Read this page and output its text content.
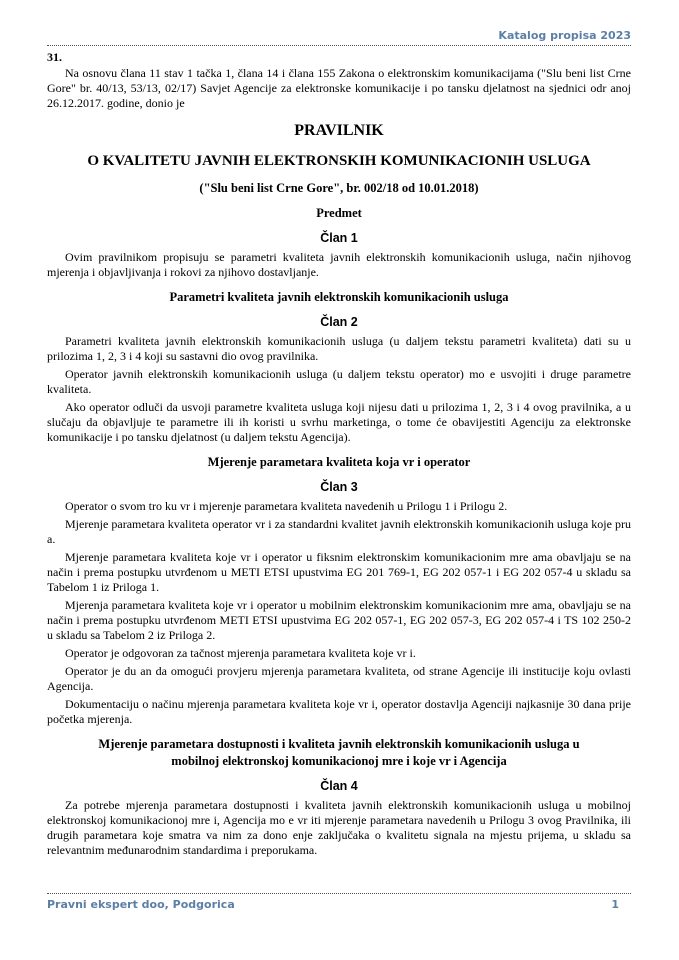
Katalog propisa 2023
31.

Na osnovu člana 11 stav 1 tačka 1, člana 14 i člana 155 Zakona o elektronskim komunikacijama ("Slu beni list Crne Gore" br. 40/13, 53/13, 02/17) Savjet Agencije za elektronske komunikacije i po tansku djelatnost na sjednici odr anoj 26.12.2017. godine, donio je

PRAVILNIK
O KVALITETU JAVNIH ELEKTRONSKIH KOMUNIKACIONIH USLUGA
("Slu beni list Crne Gore", br. 002/18 od 10.01.2018)
Predmet
Član 1

Ovim pravilnikom propisuju se parametri kvaliteta javnih elektronskih komunikacionih usluga, način njihovog mjerenja i objavljivanja i rokovi za njihovo dostavljanje.

Parametri kvaliteta javnih elektronskih komunikacionih usluga
Član 2

Parametri kvaliteta javnih elektronskih komunikacionih usluga (u daljem tekstu parametri kvaliteta) dati su u prilozima 1, 2, 3 i 4 koji su sastavni dio ovog pravilnika.

Operator javnih elektronskih komunikacionih usluga (u daljem tekstu operator) mo e usvojiti i druge parametre kvaliteta.

Ako operator odluči da usvoji parametre kvaliteta usluga koji nijesu dati u prilozima 1, 2, 3 i 4 ovog pravilnika, a u slučaju da objavljuje te parametre ili ih koristi u svrhu marketinga, o tome će obavijestiti Agenciju za elektronske komunikacije i po tansku djelatnost (u daljem tekstu Agencija).

Mjerenje parametara kvaliteta koja vr i operator
Član 3

Operator o svom tro ku vr i mjerenje parametara kvaliteta navedenih u Prilogu 1 i Prilogu 2.

Mjerenje parametara kvaliteta operator vr i za standardni kvalitet javnih elektronskih komunikacionih usluga koje pru a.

Mjerenje parametara kvaliteta koje vr i operator u fiksnim elektronskim komunikacionim mre ama obavljaju se na način i prema postupku utvrđenom u METI ETSI upustvima EG 201 769-1, EG 202 057-1 i EG 202 057-4 u skladu sa Tabelom 1 iz Priloga 1.

Mjerenja parametara kvaliteta koje vr i operator u mobilnim elektronskim komunikacionim mre ama, obavljaju se na način i prema postupku utvrđenom METI ETSI upustvima EG 202 057-1, EG 202 057-3, EG 202 057-4 i TS 102 250-2 u skladu sa Tabelom 2 iz Priloga 2.

Operator je odgovoran za tačnost mjerenja parametara kvaliteta koje vr i.

Operator je du an da omogući provjeru mjerenja parametara kvaliteta, od strane Agencije ili institucije koju ovlasti Agencija.

Dokumentaciju o načinu mjerenja parametara kvaliteta koje vr i, operator dostavlja Agenciji najkasnije 30 dana prije početka mjerenja.

Mjerenje parametara dostupnosti i kvaliteta javnih elektronskih komunikacionih usluga u
mobilnoj elektronskoj komunikacionoj mre i koje vr i Agencija
Član 4

Za potrebe mjerenja parametara dostupnosti i kvaliteta javnih elektronskih komunikacionih usluga u mobilnoj elektronskoj komunikacionoj mre i, Agencija mo e vr iti mjerenje parametara navedenih u Prilogu 3 ovog Pravilnika, ili drugih parametara koje smatra va nim za dono enje zaključaka o kvalitetu signala na mjestu prijema, u skladu sa relevantnim međunarodnim standardima i preporukama.

Pravni ekspert doo, Podgorica	1
